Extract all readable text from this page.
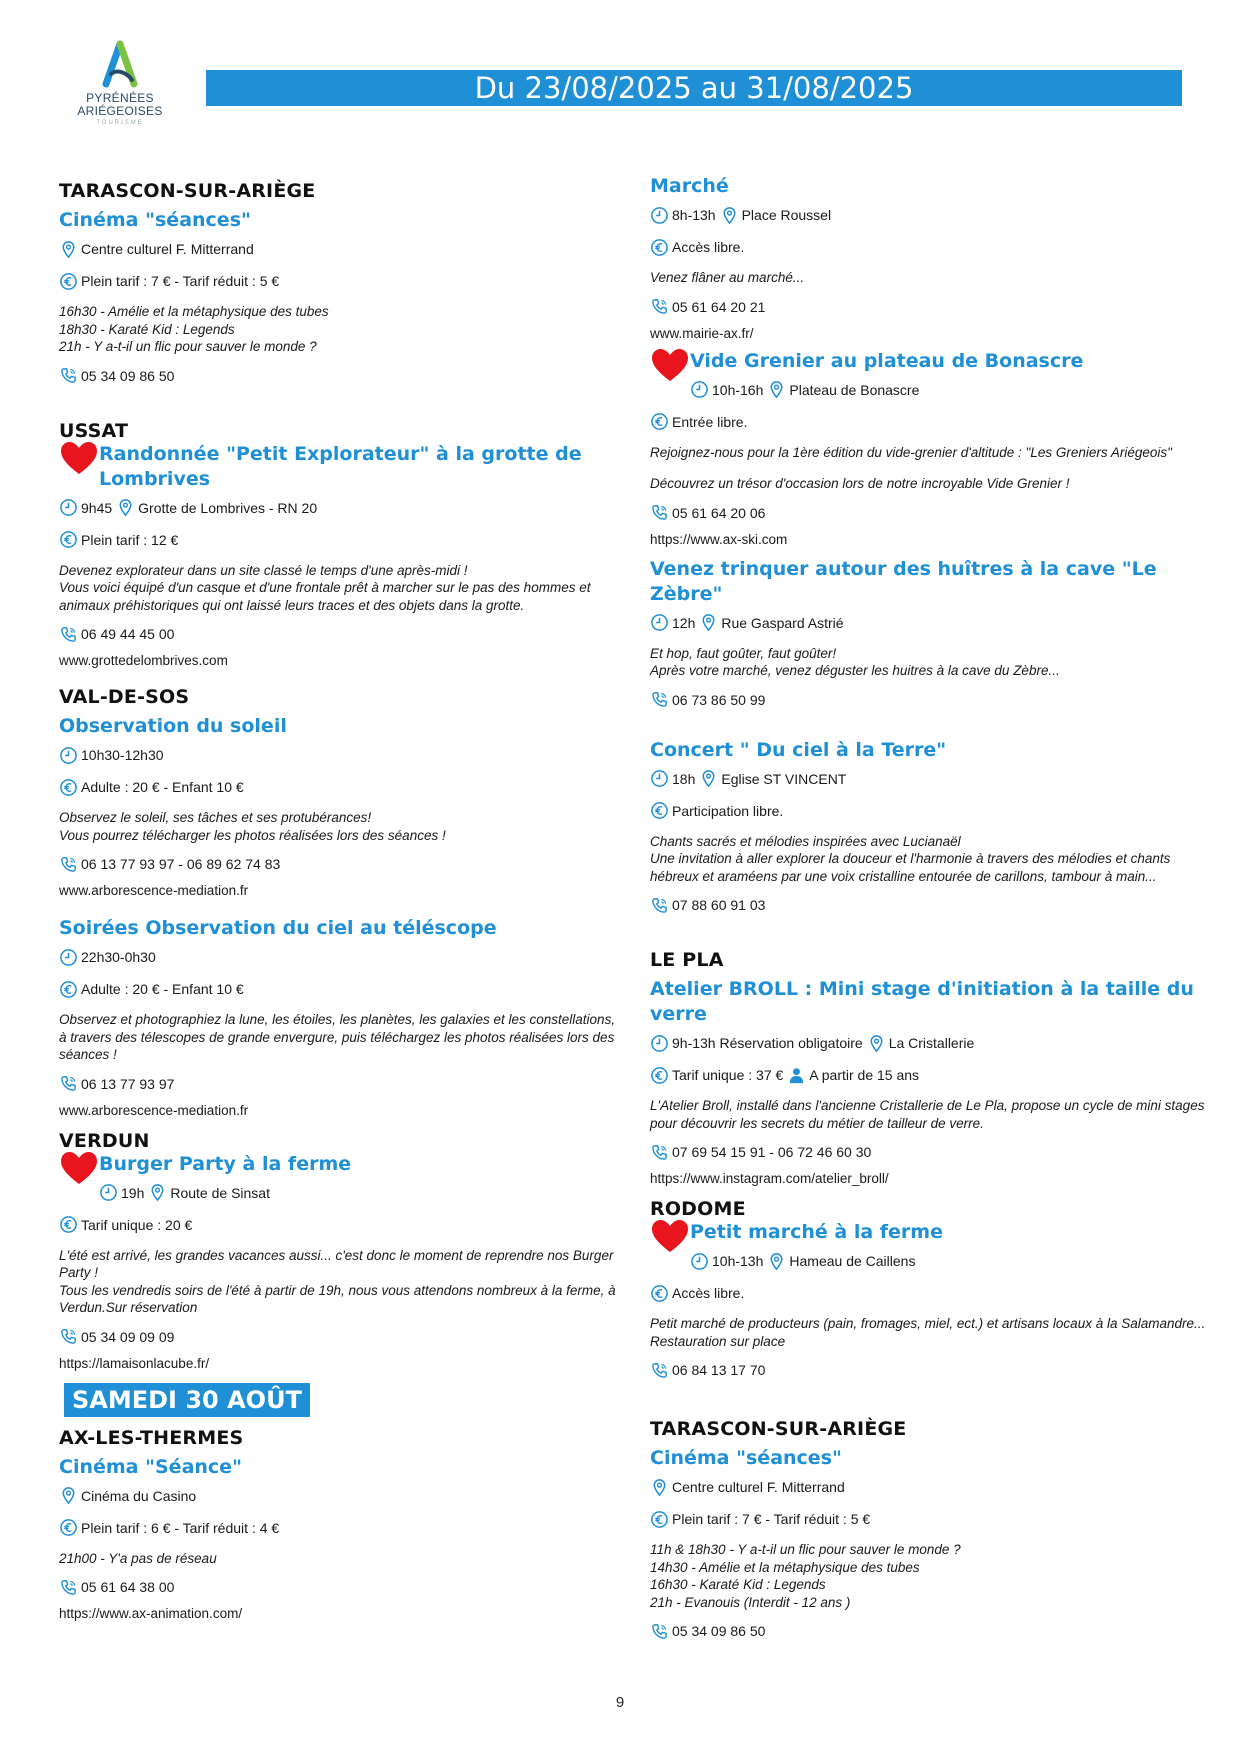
PYRÉNÉES
ARIÉGEOISES
TOURISME
Du 23/08/2025 au 31/08/2025
TARASCON-SUR-ARIÈGE
Cinéma "séances"
Centre culturel F. Mitterrand
Plein tarif : 7 € - Tarif réduit : 5 €
16h30 - Amélie et la métaphysique des tubes
18h30 - Karaté Kid : Legends
21h - Y a-t-il un flic pour sauver le monde ?
05 34 09 86 50
USSAT
Randonnée "Petit Explorateur" à la grotte de Lombrives
9h45 Grotte de Lombrives - RN 20
Plein tarif : 12 €
Devenez explorateur dans un site classé le temps d'une après-midi !
Vous voici équipé d'un casque et d'une frontale prêt à marcher sur le pas des hommes et animaux préhistoriques qui ont laissé leurs traces et des objets dans la grotte.
06 49 44 45 00
www.grottedelombrives.com
VAL-DE-SOS
Observation du soleil
10h30-12h30
Adulte : 20 € - Enfant 10 €
Observez le soleil, ses tâches et ses protubérances!
Vous pourrez télécharger les photos réalisées lors des séances !
06 13 77 93 97 - 06 89 62 74 83
www.arborescence-mediation.fr
Soirées Observation du ciel au téléscope
22h30-0h30
Adulte : 20 € - Enfant 10 €
Observez et photographiez la lune, les étoiles, les planètes, les galaxies et les constellations, à travers des télescopes de grande envergure, puis téléchargez les photos réalisées lors des séances !
06 13 77 93 97
www.arborescence-mediation.fr
VERDUN
Burger Party à la ferme
19h Route de Sinsat
Tarif unique : 20 €
L'été est arrivé, les grandes vacances aussi... c'est donc le moment de reprendre nos Burger Party !
Tous les vendredis soirs de l'été à partir de 19h, nous vous attendons nombreux à la ferme, à Verdun.Sur réservation
05 34 09 09 09
https://lamaisonlacube.fr/
SAMEDI 30 AOÛT
AX-LES-THERMES
Cinéma "Séance"
Cinéma du Casino
Plein tarif : 6 € - Tarif réduit : 4 €
21h00 - Y'a pas de réseau
05 61 64 38 00
https://www.ax-animation.com/
Marché
8h-13h Place Roussel
Accès libre.
Venez flâner au marché...
05 61 64 20 21
www.mairie-ax.fr/
Vide Grenier au plateau de Bonascre
10h-16h Plateau de Bonascre
Entrée libre.
Rejoignez-nous pour la 1ère édition du vide-grenier d'altitude : "Les Greniers Ariégeois"
Découvrez un trésor d'occasion lors de notre incroyable Vide Grenier !
05 61 64 20 06
https://www.ax-ski.com
Venez trinquer autour des huîtres à la cave "Le Zèbre"
12h Rue Gaspard Astrié
Et hop, faut goûter, faut goûter!
Après votre marché, venez déguster les huitres à la cave du Zèbre...
06 73 86 50 99
Concert " Du ciel à la Terre"
18h Eglise ST VINCENT
Participation libre.
Chants sacrés et mélodies inspirées avec Lucianaël
Une invitation à aller explorer la douceur et l'harmonie à travers des mélodies et chants hébreux et araméens par une voix cristalline entourée de carillons, tambour à main...
07 88 60 91 03
LE PLA
Atelier BROLL : Mini stage d'initiation à la taille du verre
9h-13h Réservation obligatoire La Cristallerie
Tarif unique : 37 € A partir de 15 ans
L'Atelier Broll, installé dans l'ancienne Cristallerie de Le Pla, propose un cycle de mini stages pour découvrir les secrets du métier de tailleur de verre.
07 69 54 15 91 - 06 72 46 60 30
https://www.instagram.com/atelier_broll/
RODOME
Petit marché à la ferme
10h-13h Hameau de Caillens
Accès libre.
Petit marché de producteurs (pain, fromages, miel, ect.) et artisans locaux à la Salamandre...
Restauration sur place
06 84 13 17 70
TARASCON-SUR-ARIÈGE
Cinéma "séances"
Centre culturel F. Mitterrand
Plein tarif : 7 € - Tarif réduit : 5 €
11h & 18h30 - Y a-t-il un flic pour sauver le monde ?
14h30 - Amélie et la métaphysique des tubes
16h30 - Karaté Kid : Legends
21h - Evanouis (Interdit - 12 ans )
05 34 09 86 50
9
